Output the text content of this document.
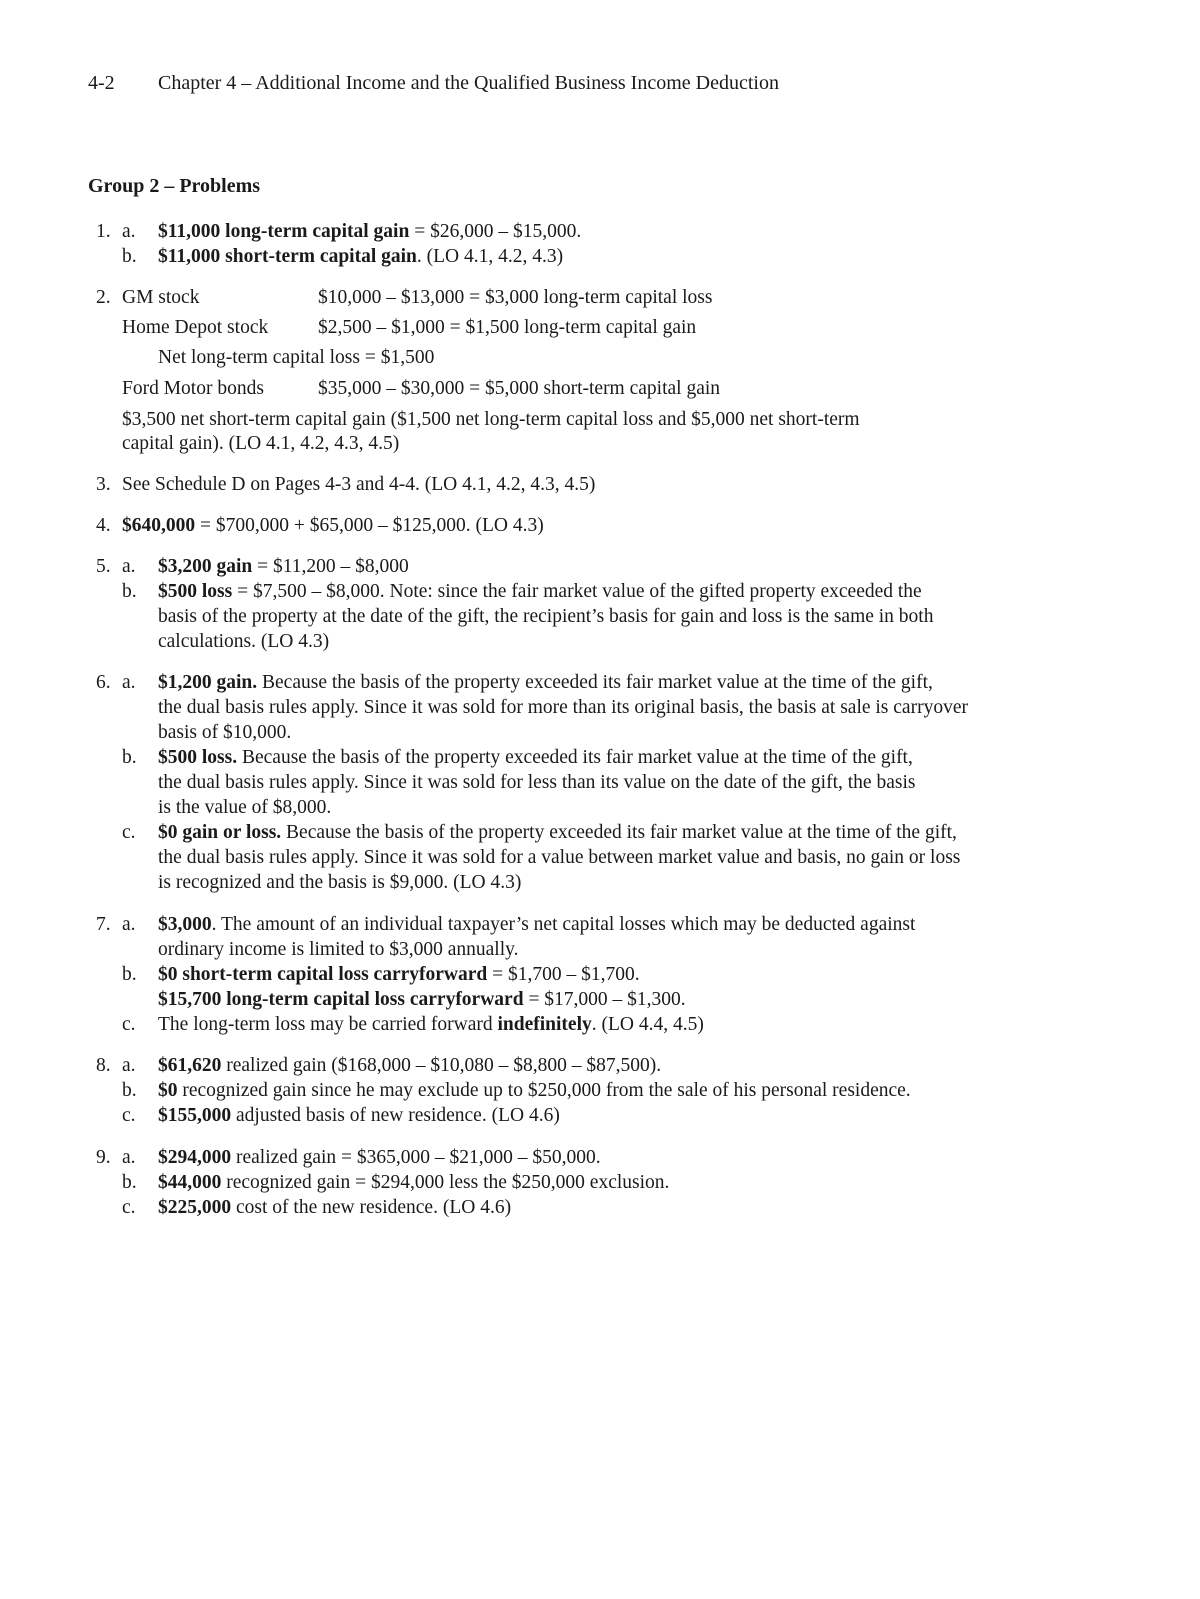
4-2 Chapter 4 – Additional Income and the Qualified Business Income Deduction
Group 2 – Problems
1. a. $11,000 long-term capital gain = $26,000 – $15,000.
b. $11,000 short-term capital gain. (LO 4.1, 4.2, 4.3)
2. GM stock	$10,000 – $13,000 = $3,000 long-term capital loss
Home Depot stock	$2,500 – $1,000 = $1,500 long-term capital gain
Net long-term capital loss = $1,500
Ford Motor bonds	$35,000 – $30,000 = $5,000 short-term capital gain
$3,500 net short-term capital gain ($1,500 net long-term capital loss and $5,000 net short-term
capital gain). (LO 4.1, 4.2, 4.3, 4.5)
3. See Schedule D on Pages 4-3 and 4-4. (LO 4.1, 4.2, 4.3, 4.5)
4. $640,000 = $700,000 + $65,000 – $125,000. (LO 4.3)
5. a. $3,200 gain = $11,200 – $8,000
b. $500 loss = $7,500 – $8,000. Note: since the fair market value of the gifted property exceeded the
basis of the property at the date of the gift, the recipient’s basis for gain and loss is the same in both
calculations. (LO 4.3)
6. a. $1,200 gain. Because the basis of the property exceeded its fair market value at the time of the gift,
the dual basis rules apply. Since it was sold for more than its original basis, the basis at sale is carryover
basis of $10,000.
b. $500 loss. Because the basis of the property exceeded its fair market value at the time of the gift,
the dual basis rules apply. Since it was sold for less than its value on the date of the gift, the basis
is the value of $8,000.
c. $0 gain or loss. Because the basis of the property exceeded its fair market value at the time of the gift,
the dual basis rules apply. Since it was sold for a value between market value and basis, no gain or loss
is recognized and the basis is $9,000. (LO 4.3)
7. a. $3,000. The amount of an individual taxpayer’s net capital losses which may be deducted against
ordinary income is limited to $3,000 annually.
b. $0 short-term capital loss carryforward = $1,700 – $1,700.
$15,700 long-term capital loss carryforward = $17,000 – $1,300.
c. The long-term loss may be carried forward indefinitely. (LO 4.4, 4.5)
8. a. $61,620 realized gain ($168,000 – $10,080 – $8,800 – $87,500).
b. $0 recognized gain since he may exclude up to $250,000 from the sale of his personal residence.
c. $155,000 adjusted basis of new residence. (LO 4.6)
9. a. $294,000 realized gain = $365,000 – $21,000 – $50,000.
b. $44,000 recognized gain = $294,000 less the $250,000 exclusion.
c. $225,000 cost of the new residence. (LO 4.6)
